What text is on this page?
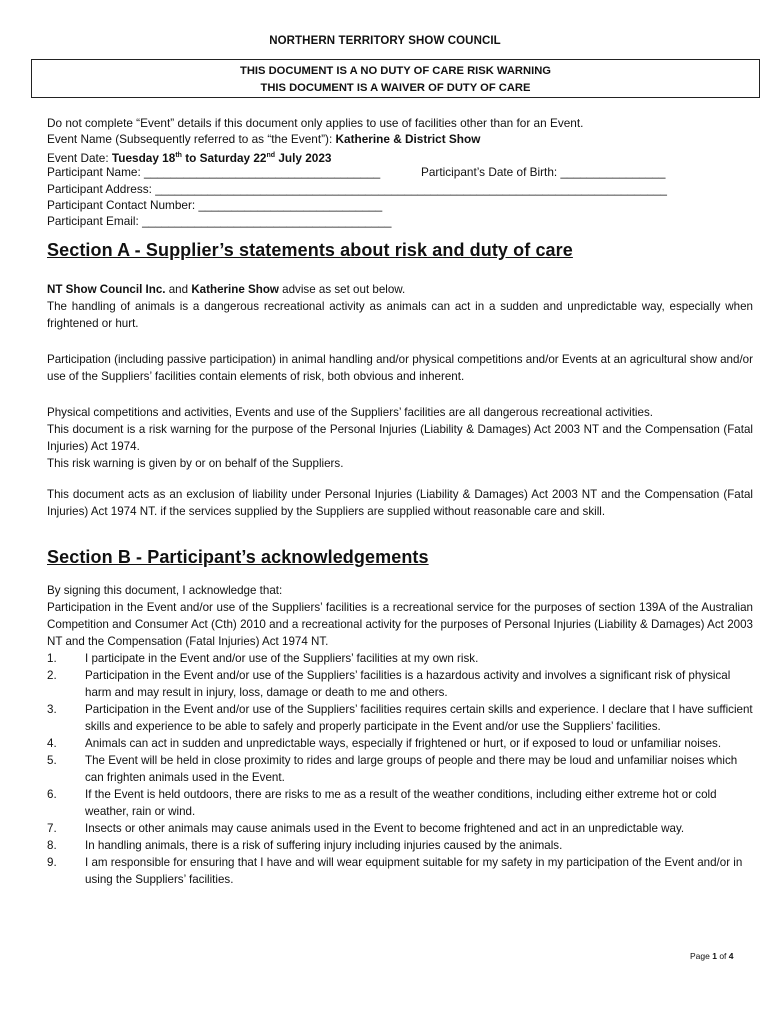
NORTHERN TERRITORY SHOW COUNCIL
THIS DOCUMENT IS A NO DUTY OF CARE RISK WARNING
THIS DOCUMENT IS A WAIVER OF DUTY OF CARE
Do not complete “Event” details if this document only applies to use of facilities other than for an Event.
Event Name (Subsequently referred to as “the Event”): Katherine & District Show
Event Date: Tuesday 18th to Saturday 22nd July 2023
Participant Name: ____________________________________	Participant’s Date of Birth: ________________
Participant Address: ______________________________________________________________________________
Participant Contact Number: ____________________________
Participant Email: ______________________________________
Section A - Supplier’s statements about risk and duty of care

NT Show Council Inc. and Katherine Show advise as set out below.

The handling of animals is a dangerous recreational activity as animals can act in a sudden and unpredictable way, especially when frightened or hurt.

Participation (including passive participation) in animal handling and/or physical competitions and/or Events at an agricultural show and/or use of the Suppliers’ facilities contain elements of risk, both obvious and inherent.

Physical competitions and activities, Events and use of the Suppliers’ facilities are all dangerous recreational activities.

This document is a risk warning for the purpose of the Personal Injuries (Liability & Damages) Act 2003 NT and the Compensation (Fatal Injuries) Act 1974.

This risk warning is given by or on behalf of the Suppliers.

This document acts as an exclusion of liability under Personal Injuries (Liability & Damages) Act 2003 NT and the Compensation (Fatal Injuries) Act 1974 NT. if the services supplied by the Suppliers are supplied without reasonable care and skill.
Section B - Participant’s acknowledgements

By signing this document, I acknowledge that:

Participation in the Event and/or use of the Suppliers’ facilities is a recreational service for the purposes of section 139A of the Australian Competition and Consumer Act (Cth) 2010 and a recreational activity for the purposes of Personal Injuries (Liability & Damages) Act 2003 NT and the Compensation (Fatal Injuries) Act 1974 NT.

1.	I participate in the Event and/or use of the Suppliers’ facilities at my own risk.
2.	Participation in the Event and/or use of the Suppliers’ facilities is a hazardous activity and involves a significant risk of physical harm and may result in injury, loss, damage or death to me and others.
3.	Participation in the Event and/or use of the Suppliers’ facilities requires certain skills and experience. I declare that I have sufficient skills and experience to be able to safely and properly participate in the Event and/or use the Suppliers’ facilities.
4.	Animals can act in sudden and unpredictable ways, especially if frightened or hurt, or if exposed to loud or unfamiliar noises.
5.	The Event will be held in close proximity to rides and large groups of people and there may be loud and unfamiliar noises which can frighten animals used in the Event.
6.	If the Event is held outdoors, there are risks to me as a result of the weather conditions, including either extreme hot or cold weather, rain or wind.
7.	Insects or other animals may cause animals used in the Event to become frightened and act in an unpredictable way.
8.	In handling animals, there is a risk of suffering injury including injuries caused by the animals.
9.	I am responsible for ensuring that I have and will wear equipment suitable for my safety in my participation of the Event and/or in using the Suppliers’ facilities.
Page 1 of 4
